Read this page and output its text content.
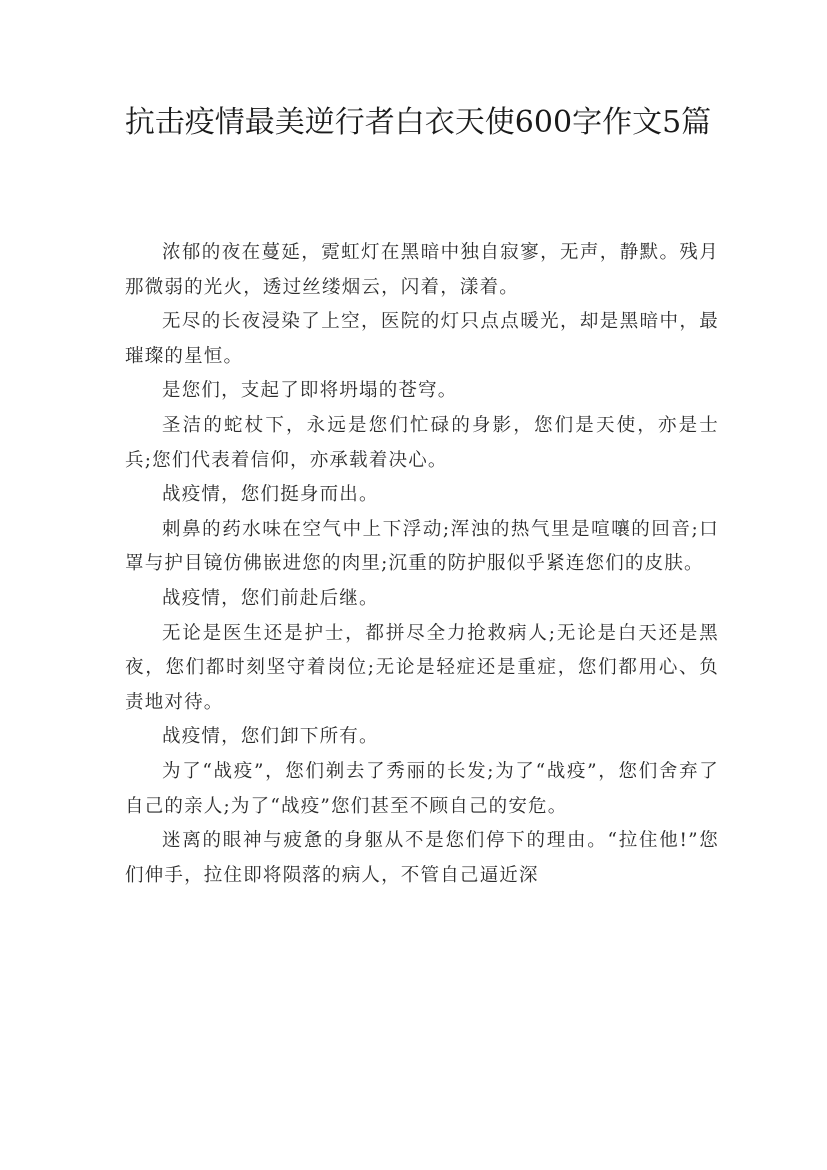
抗击疫情最美逆行者白衣天使600字作文5篇

浓郁的夜在蔓延，霓虹灯在黑暗中独自寂寥，无声，静默。残月那微弱的光火，透过丝缕烟云，闪着，漾着。

无尽的长夜浸染了上空，医院的灯只点点暖光，却是黑暗中，最璀璨的星恒。

是您们，支起了即将坍塌的苍穹。

圣洁的蛇杖下，永远是您们忙碌的身影，您们是天使，亦是士兵;您们代表着信仰，亦承载着决心。

战疫情，您们挺身而出。

刺鼻的药水味在空气中上下浮动;浑浊的热气里是喧嚷的回音;口罩与护目镜仿佛嵌进您的肉里;沉重的防护服似乎紧连您们的皮肤。

战疫情，您们前赴后继。

无论是医生还是护士，都拼尽全力抢救病人;无论是白天还是黑夜，您们都时刻坚守着岗位;无论是轻症还是重症，您们都用心、负责地对待。

战疫情，您们卸下所有。

为了“战疫”，您们剃去了秀丽的长发;为了“战疫”，您们舍弃了自己的亲人;为了“战疫”您们甚至不顾自己的安危。

迷离的眼神与疲惫的身躯从不是您们停下的理由。“拉住他!”您们伸手，拉住即将陨落的病人，不管自己逼近深
